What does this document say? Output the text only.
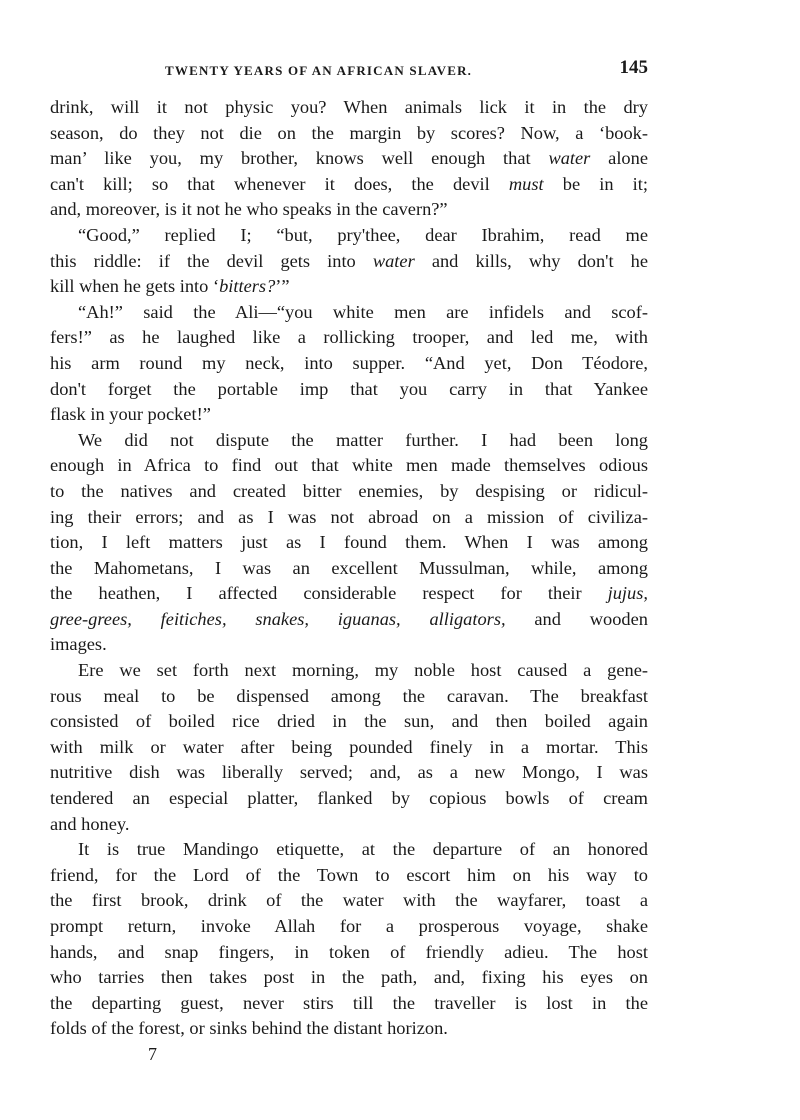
TWENTY YEARS OF AN AFRICAN SLAVER.	145

drink, will it not physic you? When animals lick it in the dry

season, do they not die on the margin by scores? Now, a ‘book-

man’ like you, my brother, knows well enough that water alone

can't kill; so that whenever it does, the devil must be in it;

and, moreover, is it not he who speaks in the cavern?”

“Good,” replied I; “but, pry'thee, dear Ibrahim, read me

this riddle: if the devil gets into water and kills, why don't he

kill when he gets into ‘bitters?’”

“Ah!” said the Ali—“you white men are infidels and scof-

fers!” as he laughed like a rollicking trooper, and led me, with

his arm round my neck, into supper. “And yet, Don Téodore,

don't forget the portable imp that you carry in that Yankee

flask in your pocket!”

We did not dispute the matter further. I had been long

enough in Africa to find out that white men made themselves odious

to the natives and created bitter enemies, by despising or ridicul-

ing their errors; and as I was not abroad on a mission of civiliza-

tion, I left matters just as I found them. When I was among

the Mahometans, I was an excellent Mussulman, while, among

the heathen, I affected considerable respect for their jujus,

gree-grees, feitiches, snakes, iguanas, alligators, and wooden

images.

Ere we set forth next morning, my noble host caused a gene-

rous meal to be dispensed among the caravan. The breakfast

consisted of boiled rice dried in the sun, and then boiled again

with milk or water after being pounded finely in a mortar. This

nutritive dish was liberally served; and, as a new Mongo, I was

tendered an especial platter, flanked by copious bowls of cream

and honey.

It is true Mandingo etiquette, at the departure of an honored

friend, for the Lord of the Town to escort him on his way to

the first brook, drink of the water with the wayfarer, toast a

prompt return, invoke Allah for a prosperous voyage, shake

hands, and snap fingers, in token of friendly adieu. The host

who tarries then takes post in the path, and, fixing his eyes on

the departing guest, never stirs till the traveller is lost in the

folds of the forest, or sinks behind the distant horizon.

7
